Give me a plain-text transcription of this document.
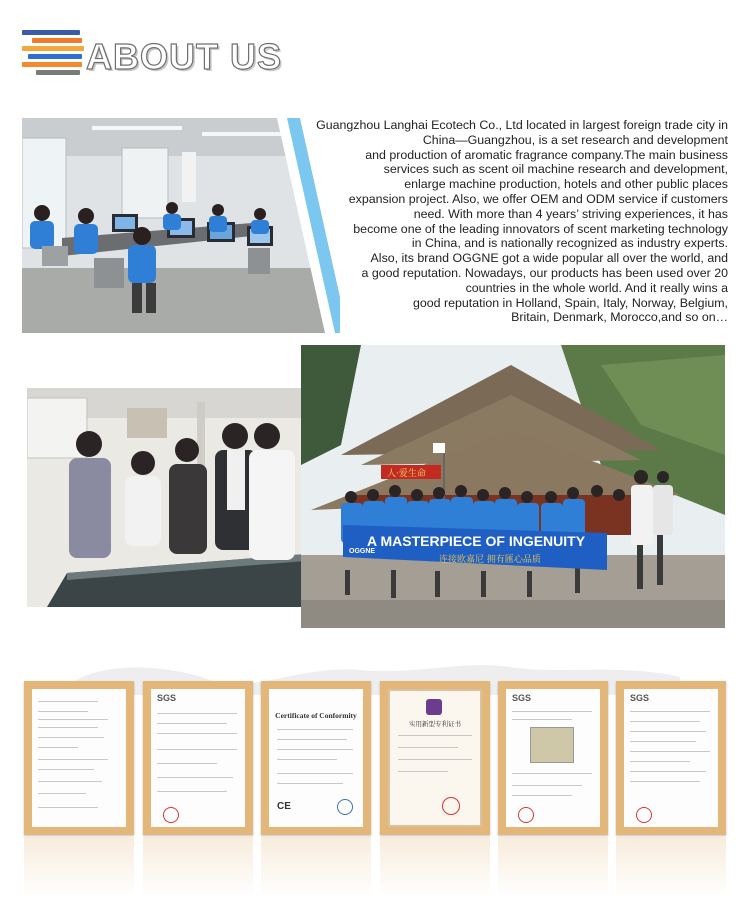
ABOUT US
Guangzhou Langhai Ecotech Co., Ltd located in largest foreign trade city in
China—Guangzhou, is a set research and development
and production of aromatic fragrance company.The main business
services such as scent oil machine research and development,
enlarge machine production, hotels and other public places
expansion project. Also, we offer OEM and ODM service if customers
need. With more than 4 years’ striving experiences, it has
become one of the leading innovators of scent marketing technology
in China, and is nationally recognized as industry experts.
Also, its brand OGGNE got a wide popular all over the world, and
a good reputation. Nowadays, our products has been used over 20
countries in the whole world. And it really wins a
good reputation in Holland, Spain, Italy, Norway, Belgium,
Britain, Denmark, Morocco,and so on…
人·爱生命
A MASTERPIECE OF INGENUITY
OGGNE
连接欧嘉尼 拥有匯心品质
SGS
Certificate of Conformity
CE
实用新型专利证书
SGS	SGS
